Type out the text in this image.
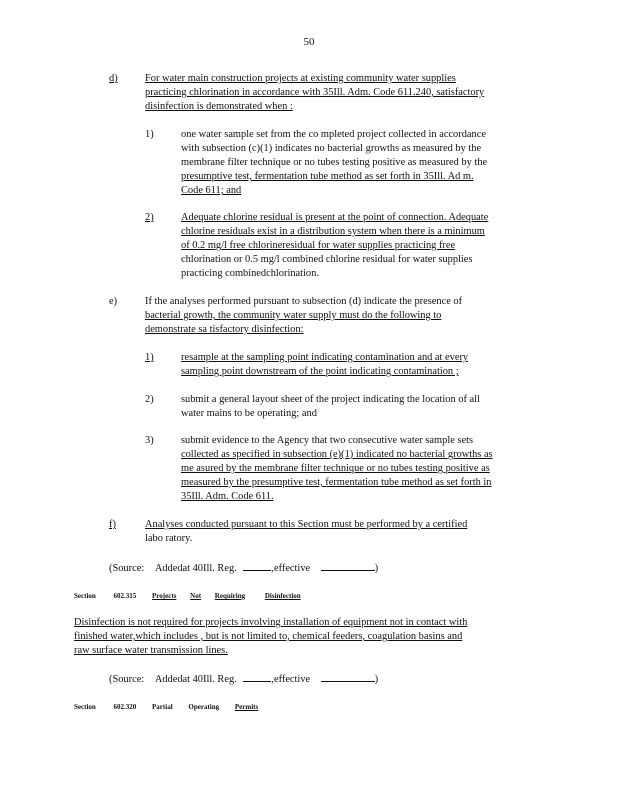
50
d)	For water main construction projects at existing community water supplies

practicing chlorination in accordance with 35Ill. Adm. Code 611.240, satisfactory

disinfection is demonstrated when :

1)	one water sample set from the co mpleted project collected in accordance

with subsection (c)(1) indicates no bacterial growths as measured by the

membrane filter technique or no tubes testing positive as measured by the

presumptive test, fermentation tube method as set forth in 35Ill. Ad m.

Code 611; and

2)	Adequate chlorine residual is present at the point of connection. Adequate

chlorine residuals exist in a distribution system when there is a minimum

of 0.2 mg/l free chlorineresidual for water supplies practicing free

chlorination or 0.5 mg/l combined chlorine residual for water supplies

practicing combinedchlorination.

e)	If the analyses performed pursuant to subsection (d) indicate the presence of

bacterial growth, the community water supply must do the following to

demonstrate sa tisfactory disinfection:

1)	resample at the sampling point indicating contamination and at every

sampling point downstream of the point indicating contamination ;

2)	submit a general layout sheet of the project indicating the location of all

water mains to be operating; and

3)	submit evidence to the Agency that two consecutive water sample sets

collected as specified in subsection (e)(1) indicated no bacterial growths as

me asured by the membrane filter technique or no tubes testing positive as

measured by the presumptive test, fermentation tube method as set forth in

35Ill. Adm. Code 611.

f)	Analyses conducted pursuant to this Section must be performed by a certified

labo ratory.

(Source: Addedat 40Ill. Reg.	,effective	)

Section	602.315 Projects Not Requiring	Disinfection

Disinfection is not required for projects involving installation of equipment not in contact with

finished water,which includes , but is not limited to, chemical feeders, coagulation basins and

raw surface water transmission lines.

(Source: Addedat 40Ill. Reg.	,effective	)

Section	602.320 Partial Operating Permits
